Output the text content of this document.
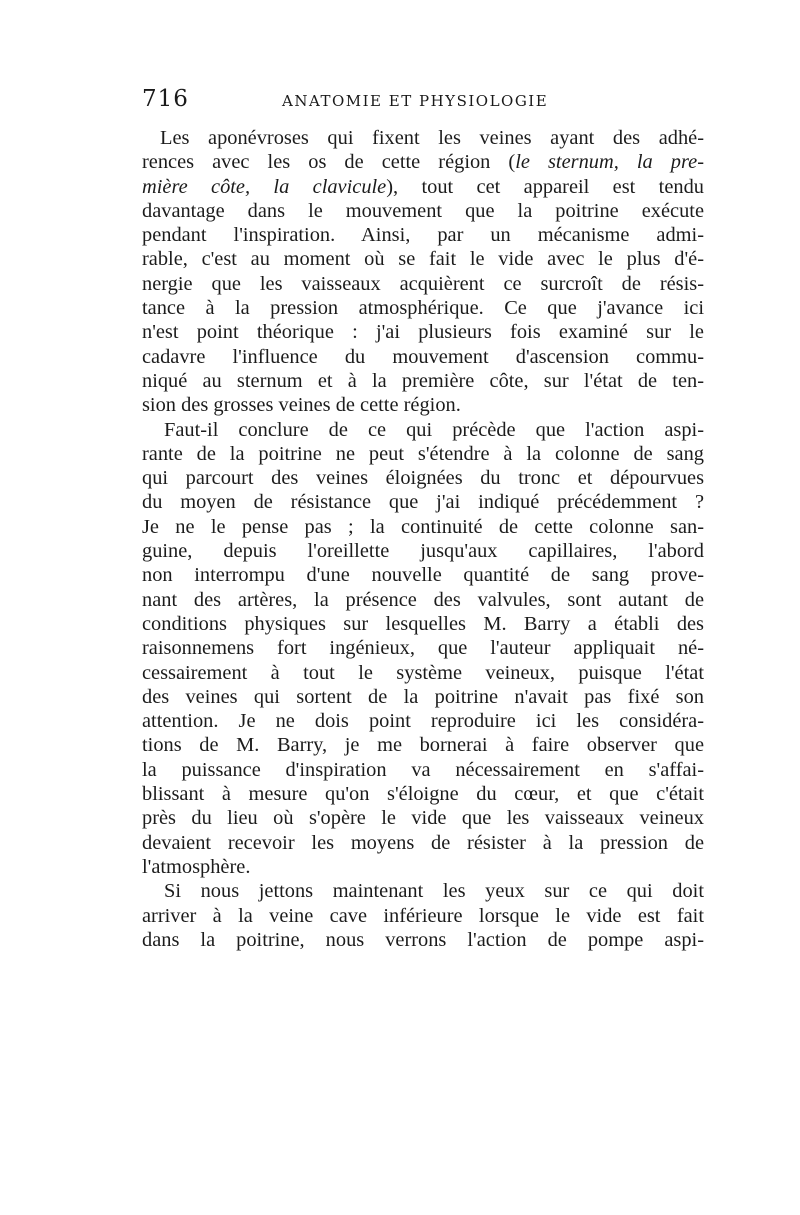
716	ANATOMIE ET PHYSIOLOGIE
Les aponévroses qui fixent les veines ayant des adhé-
rences avec les os de cette région (le sternum, la pre-
mière côte, la clavicule), tout cet appareil est tendu
davantage dans le mouvement que la poitrine exécute
pendant l'inspiration. Ainsi, par un mécanisme admi-
rable, c'est au moment où se fait le vide avec le plus d'é-
nergie que les vaisseaux acquièrent ce surcroît de résis-
tance à la pression atmosphérique. Ce que j'avance ici
n'est point théorique : j'ai plusieurs fois examiné sur le
cadavre l'influence du mouvement d'ascension commu-
niqué au sternum et à la première côte, sur l'état de ten-
sion des grosses veines de cette région.
Faut-il conclure de ce qui précède que l'action aspi-
rante de la poitrine ne peut s'étendre à la colonne de sang
qui parcourt des veines éloignées du tronc et dépourvues
du moyen de résistance que j'ai indiqué précédemment ?
Je ne le pense pas ; la continuité de cette colonne san-
guine, depuis l'oreillette jusqu'aux capillaires, l'abord
non interrompu d'une nouvelle quantité de sang prove-
nant des artères, la présence des valvules, sont autant de
conditions physiques sur lesquelles M. Barry a établi des
raisonnemens fort ingénieux, que l'auteur appliquait né-
cessairement à tout le système veineux, puisque l'état
des veines qui sortent de la poitrine n'avait pas fixé son
attention. Je ne dois point reproduire ici les considéra-
tions de M. Barry, je me bornerai à faire observer que
la puissance d'inspiration va nécessairement en s'affai-
blissant à mesure qu'on s'éloigne du cœur, et que c'était
près du lieu où s'opère le vide que les vaisseaux veineux
devaient recevoir les moyens de résister à la pression de
l'atmosphère.
Si nous jettons maintenant les yeux sur ce qui doit
arriver à la veine cave inférieure lorsque le vide est fait
dans la poitrine, nous verrons l'action de pompe aspi-
